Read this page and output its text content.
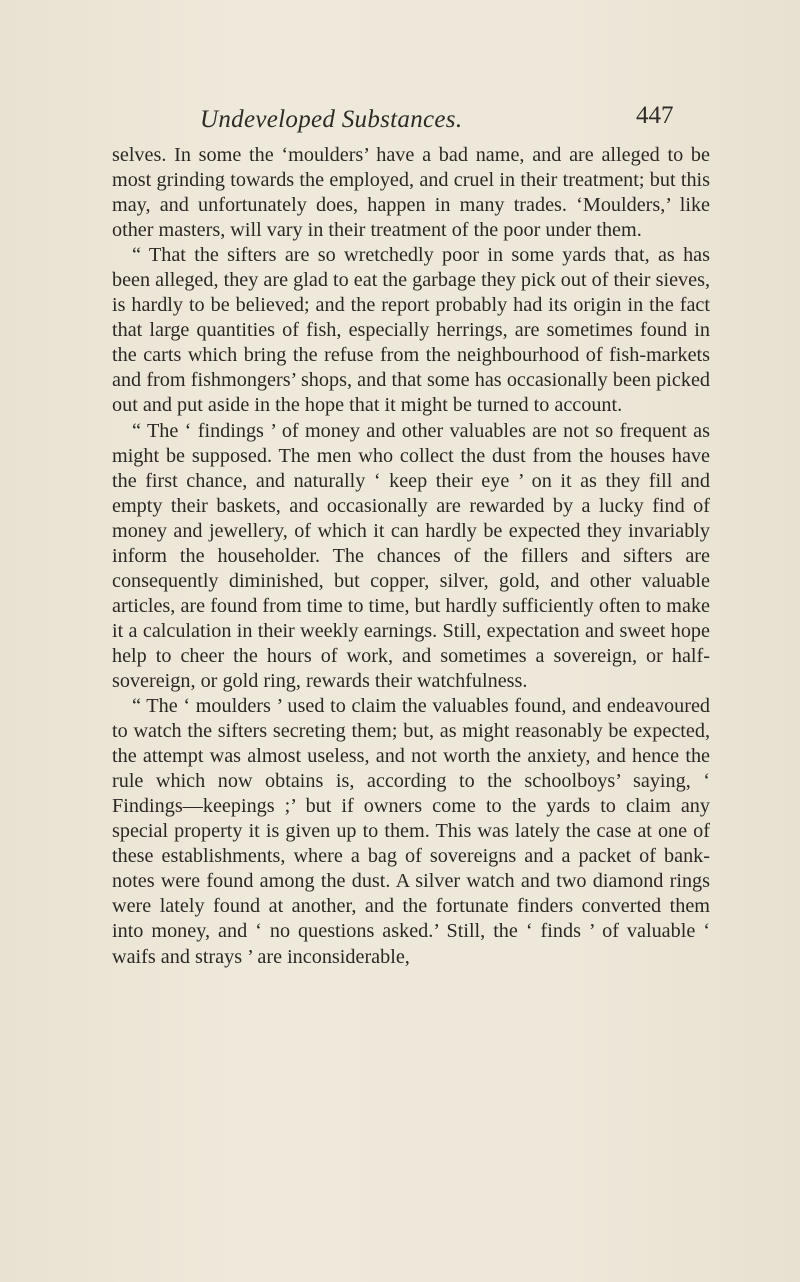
Undeveloped Substances.	447

selves. In some the ‘moulders’ have a bad name, and are alleged to be most grinding towards the employed, and cruel in their treatment; but this may, and unfortunately does, happen in many trades. ‘Moulders,’ like other masters, will vary in their treatment of the poor under them.

“ That the sifters are so wretchedly poor in some yards that, as has been alleged, they are glad to eat the garbage they pick out of their sieves, is hardly to be believed; and the report probably had its origin in the fact that large quantities of fish, especially herrings, are sometimes found in the carts which bring the refuse from the neighbourhood of fish-markets and from fishmongers’ shops, and that some has occasionally been picked out and put aside in the hope that it might be turned to account.

“ The ‘ findings ’ of money and other valuables are not so frequent as might be supposed. The men who collect the dust from the houses have the first chance, and naturally ‘ keep their eye ’ on it as they fill and empty their baskets, and occasionally are rewarded by a lucky find of money and jewellery, of which it can hardly be expected they invariably inform the householder. The chances of the fillers and sifters are consequently diminished, but copper, silver, gold, and other valuable articles, are found from time to time, but hardly sufficiently often to make it a calculation in their weekly earnings. Still, expectation and sweet hope help to cheer the hours of work, and sometimes a sovereign, or half-sovereign, or gold ring, rewards their watchfulness.

“ The ‘ moulders ’ used to claim the valuables found, and endeavoured to watch the sifters secreting them; but, as might reasonably be expected, the attempt was almost useless, and not worth the anxiety, and hence the rule which now obtains is, according to the schoolboys’ saying, ‘ Findings—keepings ;’ but if owners come to the yards to claim any special property it is given up to them. This was lately the case at one of these establishments, where a bag of sovereigns and a packet of bank-notes were found among the dust. A silver watch and two diamond rings were lately found at another, and the fortunate finders converted them into money, and ‘ no questions asked.’ Still, the ‘ finds ’ of valuable ‘ waifs and strays ’ are inconsiderable,
